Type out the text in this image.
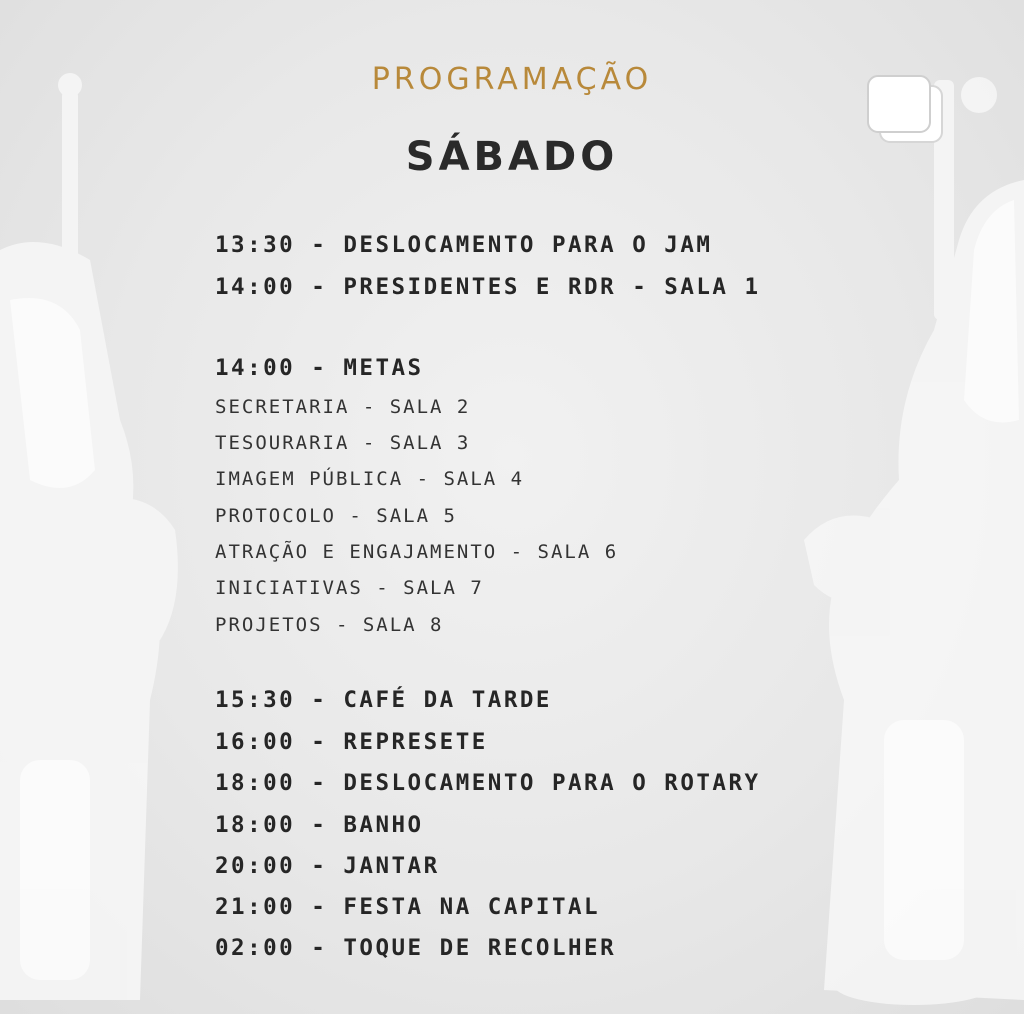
PROGRAMAÇÃO
SÁBADO
13:30 - DESLOCAMENTO PARA O JAM
14:00 - PRESIDENTES E RDR - SALA 1
14:00 - METAS
SECRETARIA - SALA 2
TESOURARIA - SALA 3
IMAGEM PÚBLICA - SALA 4
PROTOCOLO - SALA 5
ATRAÇÃO E ENGAJAMENTO - SALA 6
INICIATIVAS - SALA 7
PROJETOS - SALA 8
15:30 - CAFÉ DA TARDE
16:00 - REPRESETE
18:00 - DESLOCAMENTO PARA O ROTARY
18:00 - BANHO
20:00 - JANTAR
21:00 - FESTA NA CAPITAL
02:00 - TOQUE DE RECOLHER
